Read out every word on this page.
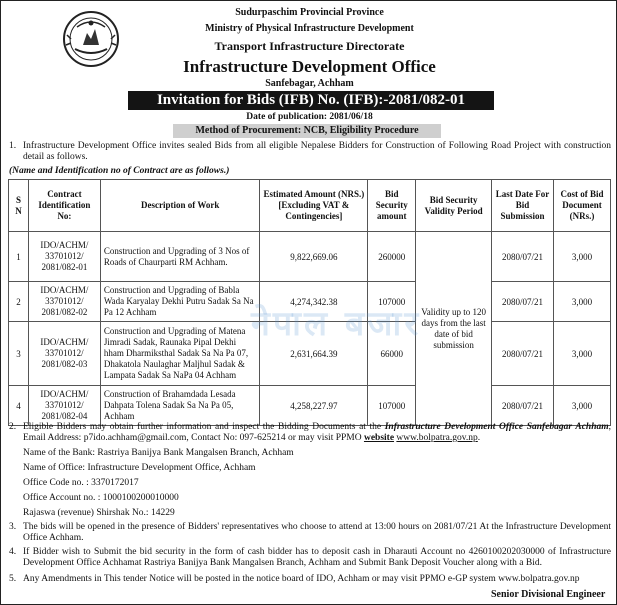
Sudurpaschim Provincial Province
Ministry of Physical Infrastructure Development
Transport Infrastructure Directorate
Infrastructure Development Office
Sanfebagar, Achham
Invitation for Bids (IFB) No. (IFB):-2081/082-01
Date of publication: 2081/06/18
Method of Procurement: NCB, Eligibility Procedure
1. Infrastructure Development Office invites sealed Bids from all eligible Nepalese Bidders for Construction of Following Road Project with construction detail as follows.
(Name and Identification no of Contract are as follows.)
S N	Contract Identification No:	Description of Work	Estimated Amount (NRS.) [Excluding VAT & Contingencies]	Bid Security amount	Bid Security Validity Period	Last Date For Bid Submission	Cost of Bid Document (NRs.)
1	IDO/ACHM/ 33701012/ 2081/082-01	Construction and Upgrading of 3 Nos of Roads of Chaurparti RM Achham.	9,822,669.06	260000	Validity up to 120 days from the last date of bid submission	2080/07/21	3,000
2	IDO/ACHM/ 33701012/ 2081/082-02	Construction and Upgrading of Babla Wada Karyalay Dekhi Putru Sadak Sa Na Pa 12 Achham	4,274,342.38	107000		2080/07/21	3,000
3	IDO/ACHM/ 33701012/ 2081/082-03	Construction and Upgrading of Matena Jimradi Sadak, Raunaka Pipal Dekhi hham Dharmiksthal Sadak Sa Na Pa 07, Dhakatola Naulaghar Maljhul Sadak & Lampata Sadak Sa NaPa 04 Achham	2,631,664.39	66000		2080/07/21	3,000
4	IDO/ACHM/ 33701012/ 2081/082-04	Construction of Brahamdada Lesada Dahpata Tolena Sadak Sa Na Pa 05, Achham	4,258,227.97	107000		2080/07/21	3,000
नेपाल बजार
2. Eligible Bidders may obtain further information and inspect the Bidding Documents at the Infrastructure Development Office Sanfebagar Achham, Email Address: p7ido.achham@gmail.com, Contact No: 097-625214 or may visit PPMO website www.bolpatra.gov.np.
Name of the Bank: Rastriya Banijya Bank Mangalsen Branch, Achham
Name of Office: Infrastructure Development Office, Achham
Office Code no. : 3370172017
Office Account no. : 1000100200010000
Rajaswa (revenue) Shirshak No.: 14229
3. The bids will be opened in the presence of Bidders' representatives who choose to attend at 13:00 hours on 2081/07/21 At the Infrastructure Development Office Achham.
4. If Bidder wish to Submit the bid security in the form of cash bidder has to deposit cash in Dharauti Account no 4260100202030000 of Infrastructure Development Office Achhamat Rastriya Banijya Bank Mangalsen Branch, Achham and Submit Bank Deposit Voucher along with a Bid.
5. Any Amendments in This tender Notice will be posted in the notice board of IDO, Achham or may visit PPMO e-GP system www.bolpatra.gov.np
Senior Divisional Engineer
